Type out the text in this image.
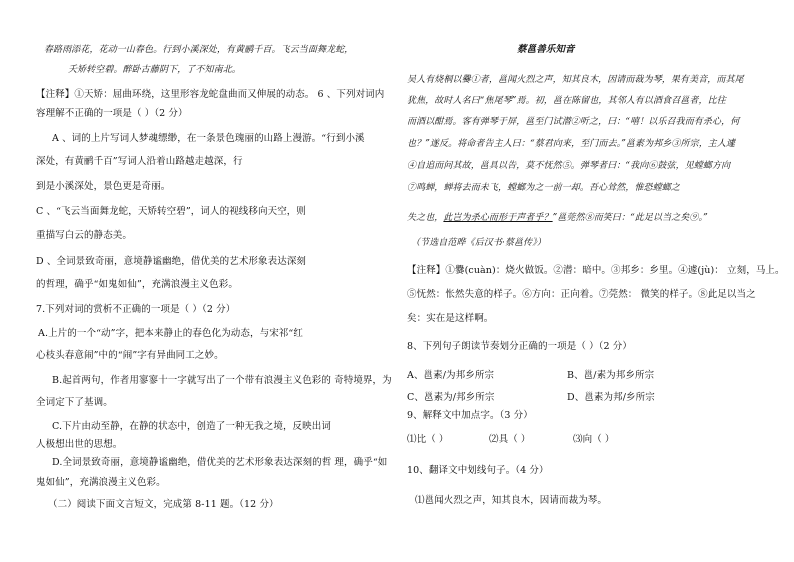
春路雨添花，花动一山春色。行到小溪深处，有黄鹂千百。飞云当面舞龙蛇，
夭矫转空碧。醉卧古藤阴下，了不知南北。
【注释】①天矫：屈曲环绕，这里形容龙蛇盘曲而又伸展的动态。 6 、下列对词内
容理解不正确的一项是（ ）（2 分）
A 、词的上片写词人梦魂缥缈，在一条景色瑰丽的山路上漫游。“行到小溪
深处，有黄鹂千百”写词人沿着山路越走越深，行
到是小溪深处，景色更是奇丽。
C 、“飞云当面舞龙蛇，天矫转空碧”，词人的视线移向天空，则
重描写白云的静态美。
D 、全词景致奇丽，意境静谧幽绝，借优美的艺术形象表达深刻
的哲理，确乎“如鬼如仙”，充满浪漫主义色彩。
7.下列对词的赏析不正确的一项是（ ）（2 分）
A.上片的一个“动”字，把本来静止的春色化为动态，与宋祁“红
心枝头春意闹”中的“闹”字有异曲同工之妙。
B.起首两句，作者用寥寥十一字就写出了一个带有浪漫主义色彩的 奇特境界，为
全词定下了基调。
C.下片由动至静，在静的状态中，创造了一种无我之境，反映出词
人极想出世的思想。
D.全词景致奇丽，意境静谧幽绝，借优美的艺术形象表达深刻的哲 理，确乎“如
鬼如仙”，充满浪漫主义色彩。
（二）阅读下面文言短文，完成第 8-11 题。（12 分）
蔡邕善乐知音
吴人有烧桐以爨①者，邕闻火烈之声，知其良木，因请而裁为琴，果有美音，而其尾
犹焦，故时人名曰“焦尾琴”焉。初，邕在陈留也，其邻人有以酒食召邕者，比往
而酒以酣焉。客有弹琴于屏，邕至门试潜②听之，曰：“嘻！以乐召我而有杀心，何
也？”遂反。将命者告主人曰：“蔡君向来，至门而去。”邕素为邦乡③所宗，主人遽
④自追而问其故，邕具以告，莫不怃然⑤。弹琴者曰：“我向⑥鼓弦，见螳螂方向
⑦鸣蝉，蝉将去而未飞，螳螂为之一前一却。吾心耸然，惟恐螳螂之
失之也，此岂为杀心而形于声者乎？”邕莞然⑧而笑曰：“此足以当之矣⑨。”
（节选自范晔《后汉书·蔡邕传》）
【注释】①爨(cuàn)：烧火做饭。②潜：暗中。③邦乡：乡里。④遽(jù)： 立刻，马上。
⑤怃然：怅然失意的样子。⑥方向：正向着。⑦莞然： 微笑的样子。⑧此足以当之
矣：实在是这样啊。
8、下列句子朗读节奏划分正确的一项是（ ）（2 分）
A、邕素/为邦乡所宗	B、邕/素为邦乡所宗
C、邕素为/邦乡所宗	D、邕素为邦/乡所宗
9、解释文中加点字。（3 分）
⑴比（ ）	⑵具（ ）	⑶向（ ）
10、翻译文中划线句子。（4 分）
⑴邕闻火烈之声，知其良木，因请而裁为琴。
